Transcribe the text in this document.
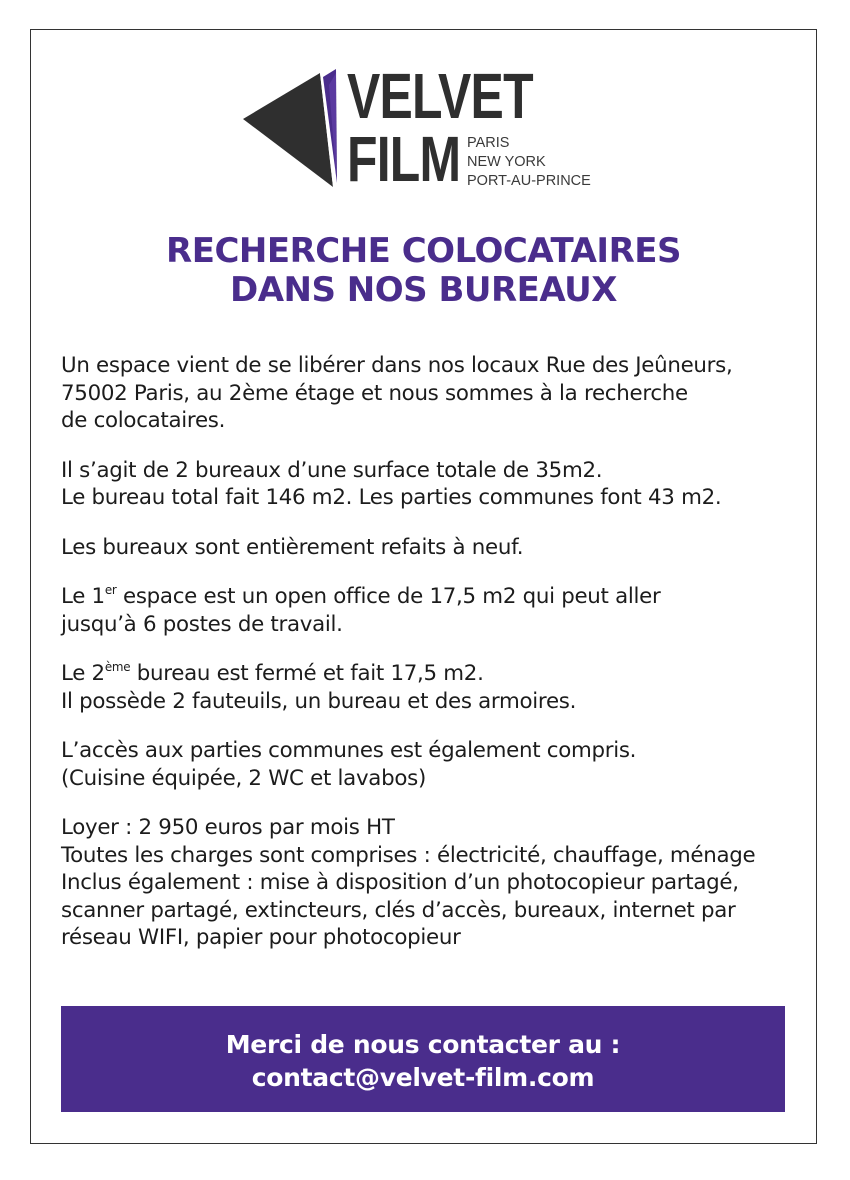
VELVET
FILM PARIS
NEW YORK
PORT-AU-PRINCE
RECHERCHE COLOCATAIRES
DANS NOS BUREAUX

Un espace vient de se libérer dans nos locaux Rue des Jeûneurs,
75002 Paris, au 2ème étage et nous sommes à la recherche
de colocataires.

Il s’agit de 2 bureaux d’une surface totale de 35m2.
Le bureau total fait 146 m2. Les parties communes font 43 m2.

Les bureaux sont entièrement refaits à neuf.

Le 1er espace est un open office de 17,5 m2 qui peut aller
jusqu’à 6 postes de travail.

Le 2ème bureau est fermé et fait 17,5 m2.
Il possède 2 fauteuils, un bureau et des armoires.

L’accès aux parties communes est également compris.
(Cuisine équipée, 2 WC et lavabos)

Loyer : 2 950 euros par mois HT
Toutes les charges sont comprises : électricité, chauffage, ménage
Inclus également : mise à disposition d’un photocopieur partagé,
scanner partagé, extincteurs, clés d’accès, bureaux, internet par
réseau WIFI, papier pour photocopieur

Merci de nous contacter au :
contact@velvet-film.com
